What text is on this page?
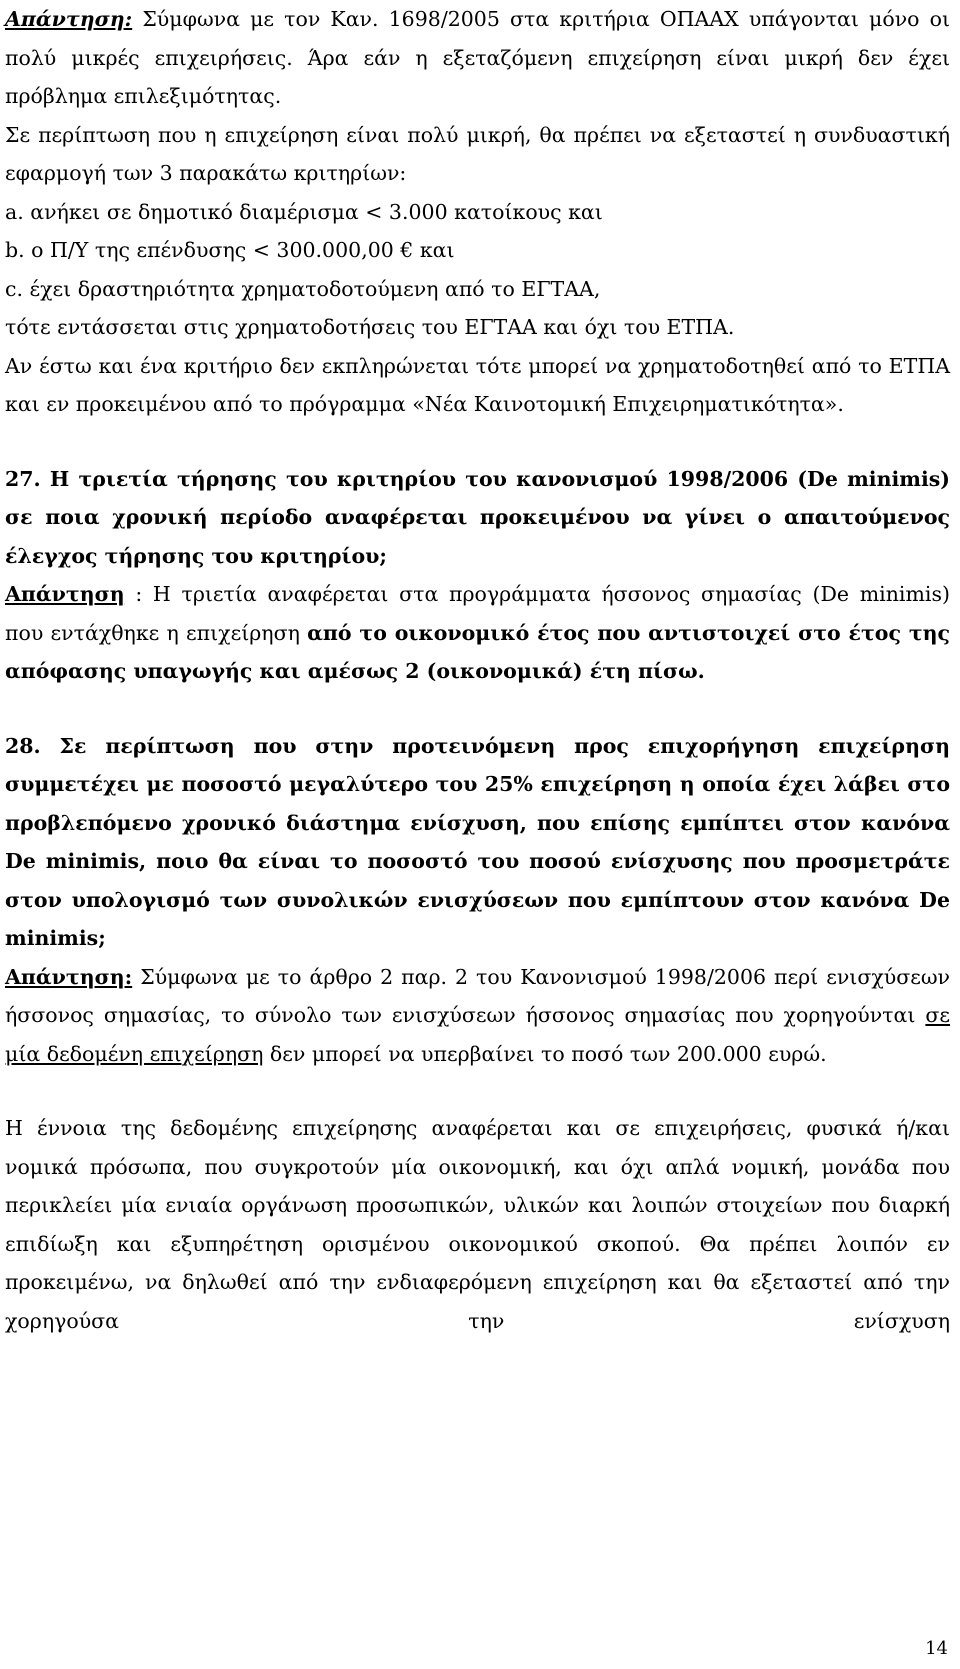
Απάντηση: Σύμφωνα με τον Καν. 1698/2005 στα κριτήρια ΟΠΑΑΧ υπάγονται μόνο οι πολύ μικρές επιχειρήσεις. Άρα εάν η εξεταζόμενη επιχείρηση είναι μικρή δεν έχει πρόβλημα επιλεξιμότητας.

Σε περίπτωση που η επιχείρηση είναι πολύ μικρή, θα πρέπει να εξεταστεί η συνδυαστική εφαρμογή των 3 παρακάτω κριτηρίων:

a. ανήκει σε δημοτικό διαμέρισμα < 3.000 κατοίκους και

b. ο Π/Υ της επένδυσης < 300.000,00 € και

c. έχει δραστηριότητα χρηματοδοτούμενη από το ΕΓΤΑΑ,

τότε εντάσσεται στις χρηματοδοτήσεις του ΕΓΤΑΑ και όχι του ΕΤΠΑ.

Αν έστω και ένα κριτήριο δεν εκπληρώνεται τότε μπορεί να χρηματοδοτηθεί από το ΕΤΠΑ και εν προκειμένου από το πρόγραμμα «Νέα Καινοτομική Επιχειρηματικότητα».

27. Η τριετία τήρησης του κριτηρίου του κανονισμού 1998/2006 (De minimis) σε ποια χρονική περίοδο αναφέρεται προκειμένου να γίνει ο απαιτούμενος έλεγχος τήρησης του κριτηρίου;

Απάντηση : Η τριετία αναφέρεται στα προγράμματα ήσσονος σημασίας (De minimis) που εντάχθηκε η επιχείρηση από το οικονομικό έτος που αντιστοιχεί στο έτος της απόφασης υπαγωγής και αμέσως 2 (οικονομικά) έτη πίσω.

28. Σε περίπτωση που στην προτεινόμενη προς επιχορήγηση επιχείρηση συμμετέχει με ποσοστό μεγαλύτερο του 25% επιχείρηση η οποία έχει λάβει στο προβλεπόμενο χρονικό διάστημα ενίσχυση, που επίσης εμπίπτει στον κανόνα De minimis, ποιο θα είναι το ποσοστό του ποσού ενίσχυσης που προσμετράτε στον υπολογισμό των συνολικών ενισχύσεων που εμπίπτουν στον κανόνα De minimis;

Απάντηση: Σύμφωνα με το άρθρο 2 παρ. 2 του Κανονισμού 1998/2006 περί ενισχύσεων ήσσονος σημασίας, το σύνολο των ενισχύσεων ήσσονος σημασίας που χορηγούνται σε μία δεδομένη επιχείρηση δεν μπορεί να υπερβαίνει το ποσό των 200.000 ευρώ.

Η έννοια της δεδομένης επιχείρησης αναφέρεται και σε επιχειρήσεις, φυσικά ή/και νομικά πρόσωπα, που συγκροτούν μία οικονομική, και όχι απλά νομική, μονάδα που περικλείει μία ενιαία οργάνωση προσωπικών, υλικών και λοιπών στοιχείων που διαρκή επιδίωξη και εξυπηρέτηση ορισμένου οικονομικού σκοπού. Θα πρέπει λοιπόν εν προκειμένω, να δηλωθεί από την ενδιαφερόμενη επιχείρηση και θα εξεταστεί από την χορηγούσα την ενίσχυση

14
